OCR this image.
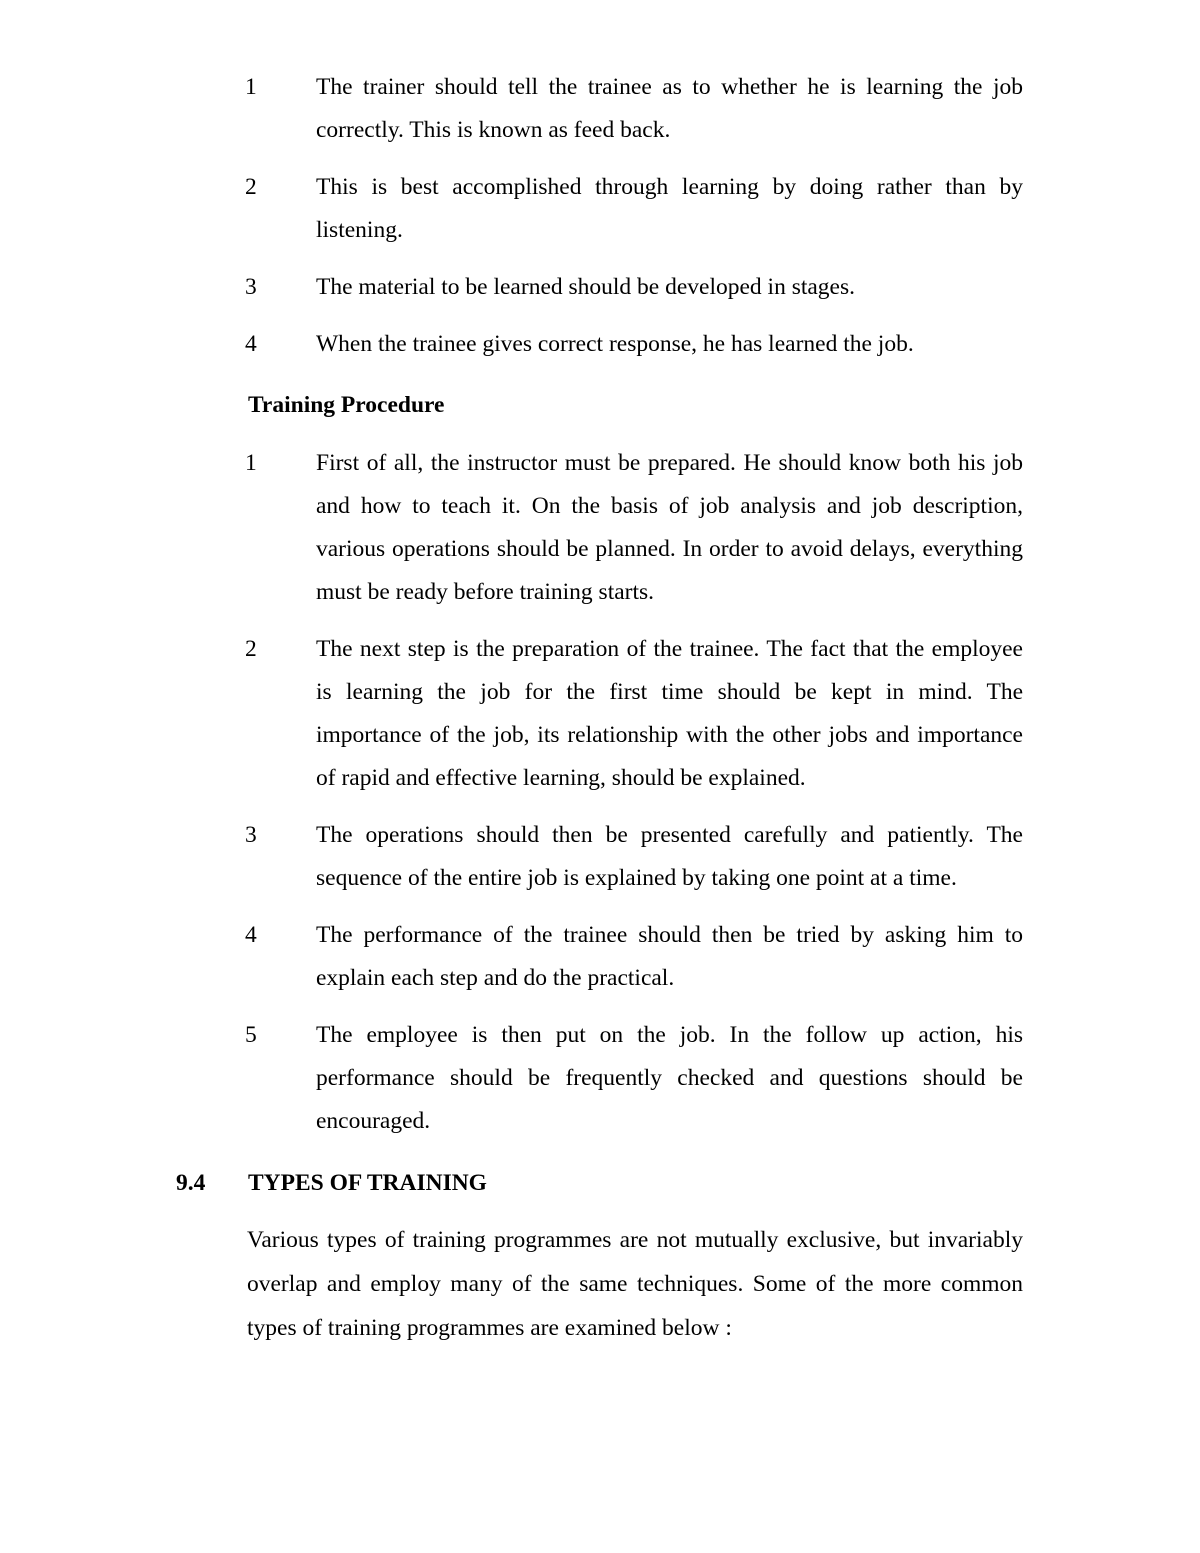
1	The trainer should tell the trainee as to whether he is learning the job correctly. This is known as feed back.
2	This is best accomplished through learning by doing rather than by listening.
3	The material to be learned should be developed in stages.
4	When the trainee gives correct response, he has learned the job.
Training Procedure
1	First of all, the instructor must be prepared. He should know both his job and how to teach it. On the basis of job analysis and job description, various operations should be planned. In order to avoid delays, everything must be ready before training starts.
2	The next step is the preparation of the trainee. The fact that the employee is learning the job for the first time should be kept in mind. The importance of the job, its relationship with the other jobs and importance of rapid and effective learning, should be explained.
3	The operations should then be presented carefully and patiently. The sequence of the entire job is explained by taking one point at a time.
4	The performance of the trainee should then be tried by asking him to explain each step and do the practical.
5	The employee is then put on the job. In the follow up action, his performance should be frequently checked and questions should be encouraged.
9.4 TYPES OF TRAINING
Various types of training programmes are not mutually exclusive, but invariably overlap and employ many of the same techniques. Some of the more common types of training programmes are examined below :
